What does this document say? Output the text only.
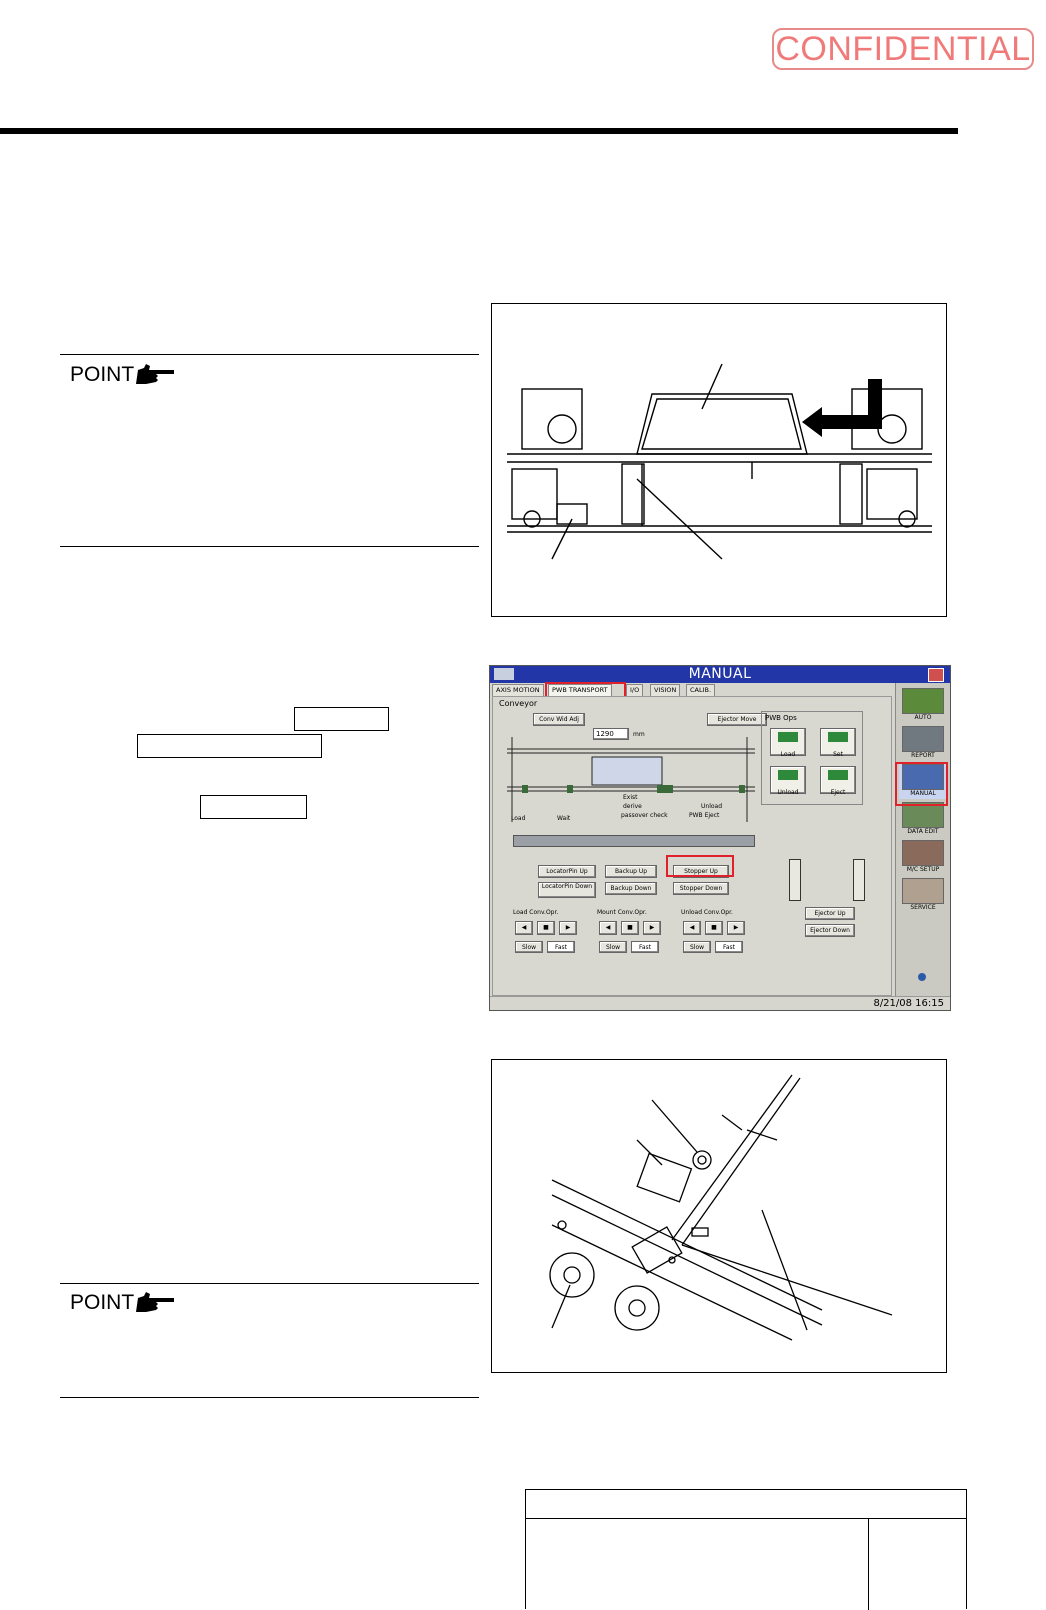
CONFIDENTIAL
POINT
MANUAL
AXIS MOTION	PWB TRANSPORT	I/O	VISION	CALIB.
Conveyor
Conv Wid Adj
1290	mm
Ejector Move
Load	Wait
Exist
derive
passover check
Unload
PWB Eject
PWB Ops
Load	Set
Unload	Eject
LocatorPin Up	Backup Up	Stopper Up
LocatorPin Down	Backup Down	Stopper Down
Load Conv.Opr.
◀	■	▶
Slow	Fast
Mount Conv.Opr.
◀	■	▶
Slow	Fast
Unload Conv.Opr.
◀	■	▶
Slow	Fast
Ejector Up
Ejector Down
AUTO
REPORT
MANUAL
DATA EDIT
M/C SETUP
SERVICE
8/21/08 16:15
POINT
